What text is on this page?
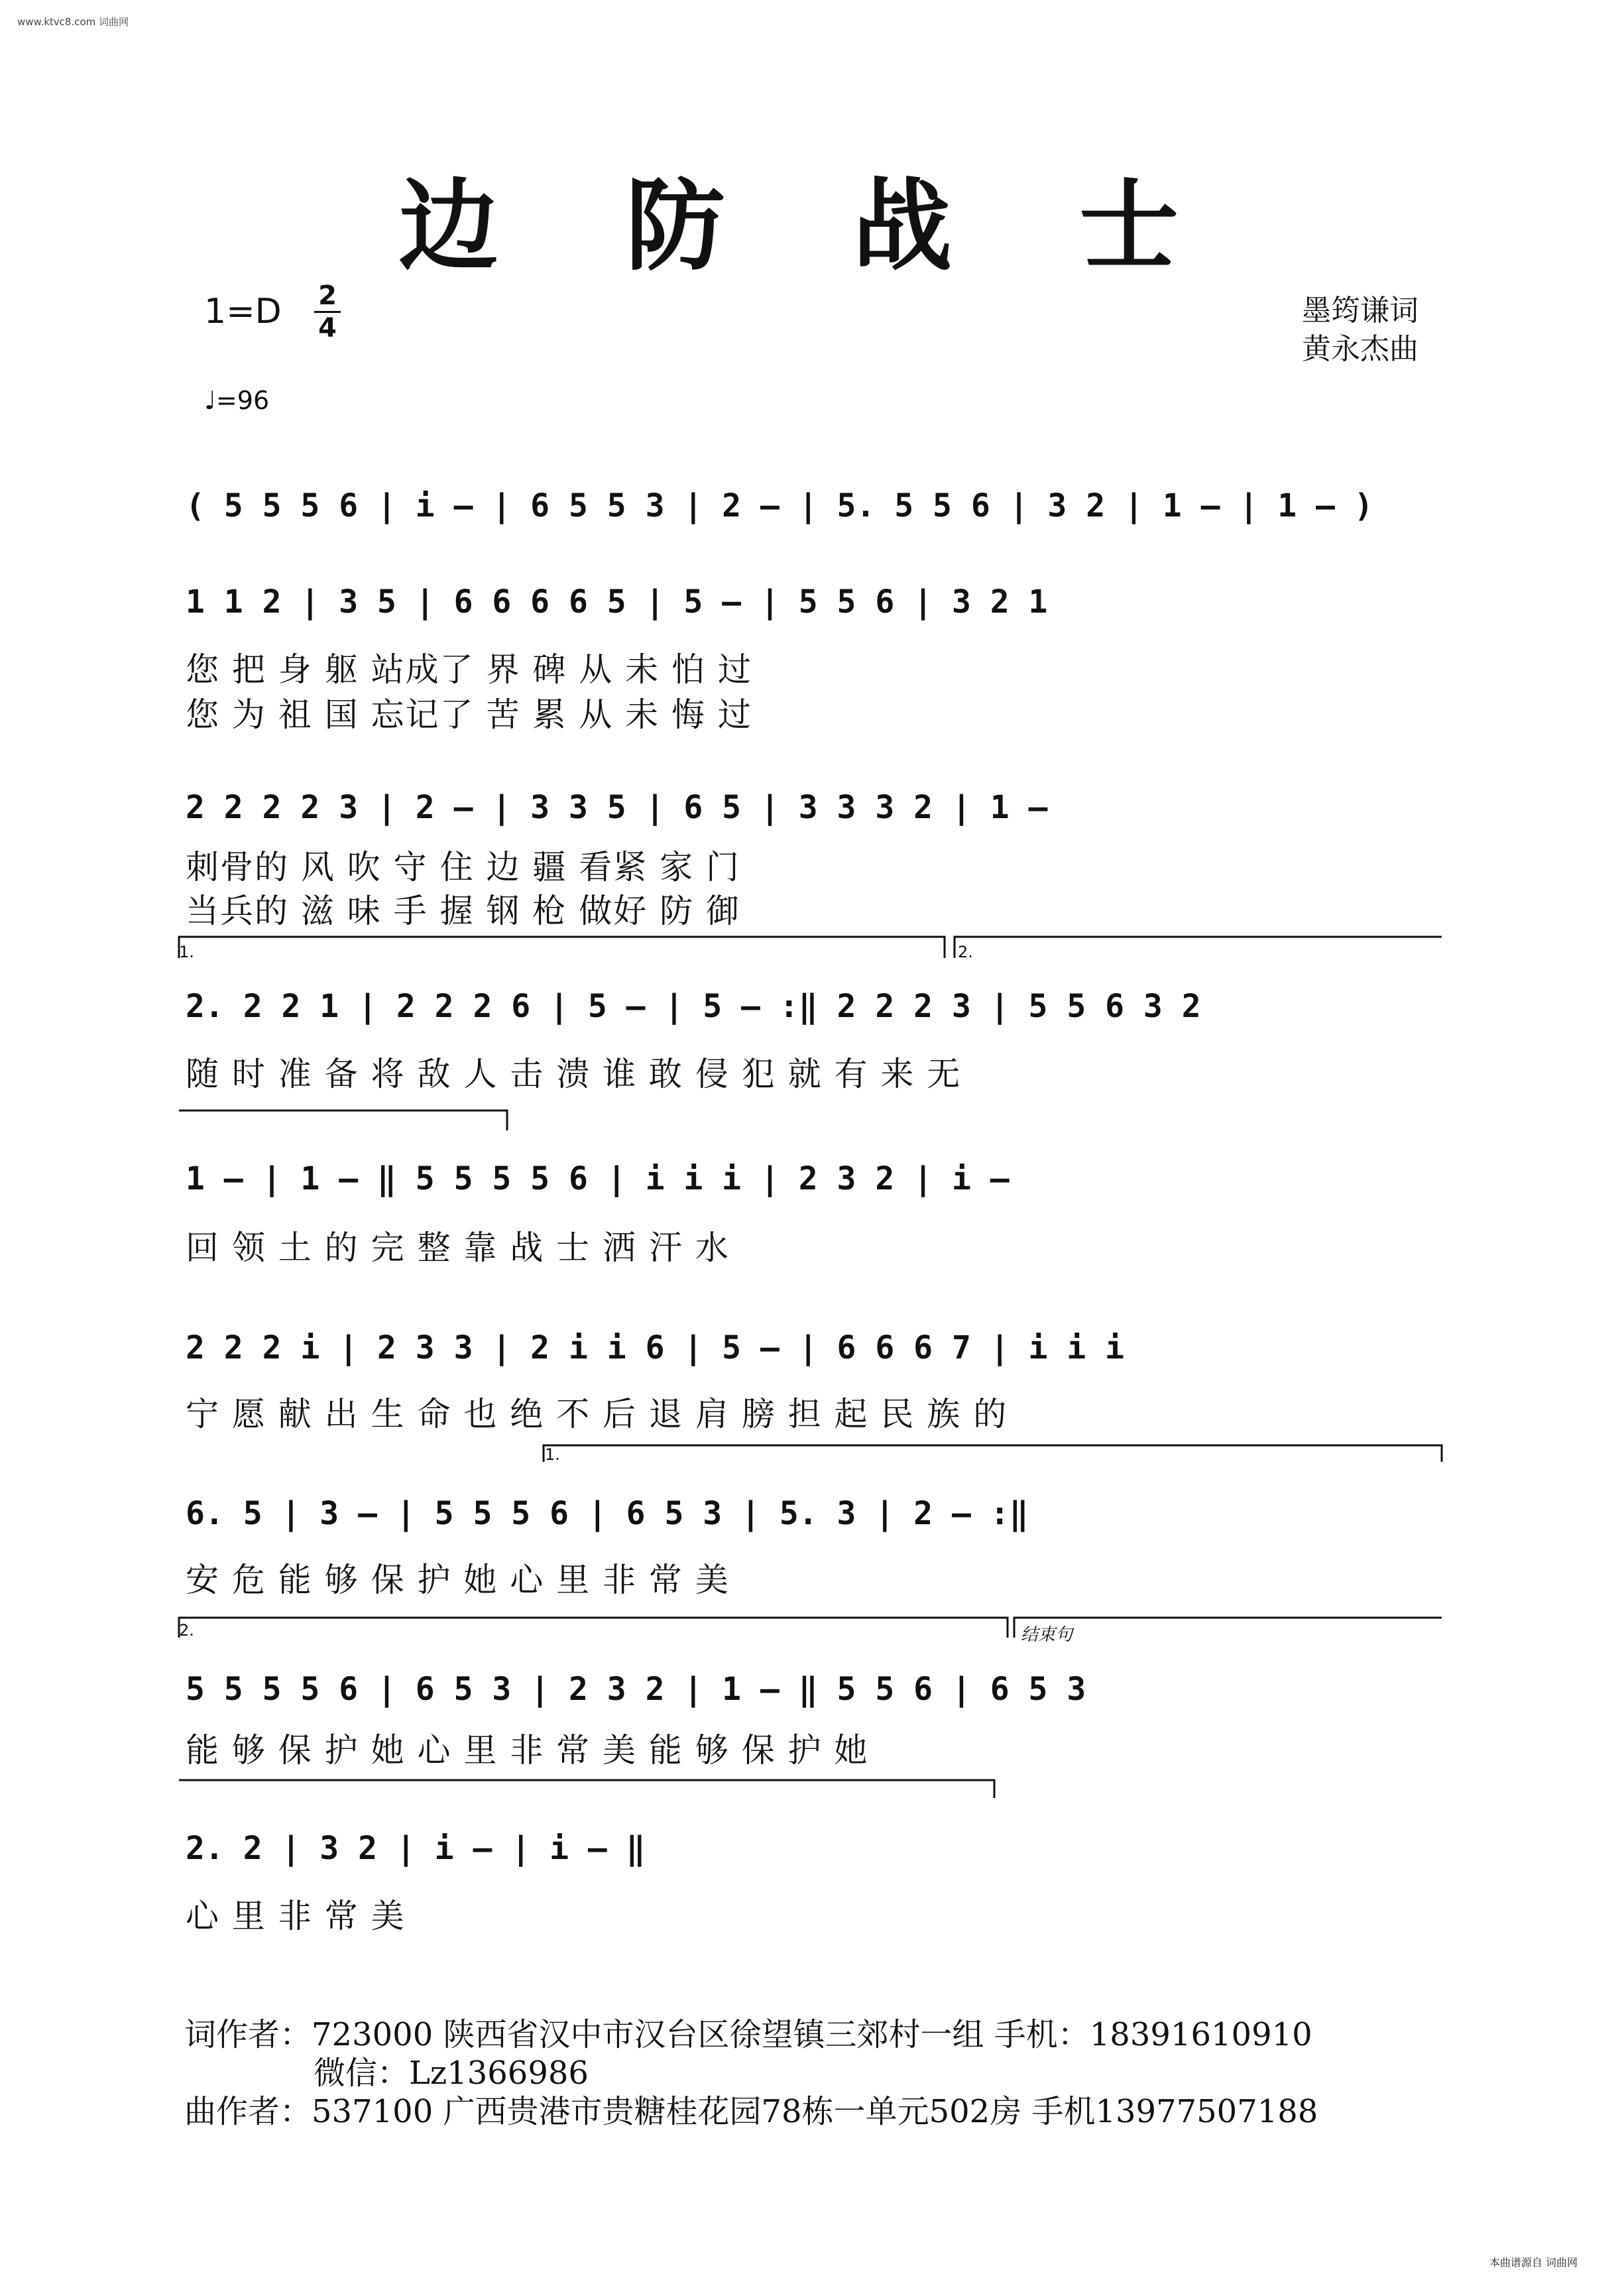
www.ktvc8.com 词曲网
边 防 战 士
1=D 2
4
♩=96
墨筠谦词
黄永杰曲
( 5 5 5 6 | i – | 6 5 5 3 | 2 – | 5. 5 5 6 | 3 2 | 1 – | 1 – )
1 1 2 | 3 5 | 6 6 6 6 5 | 5 – | 5 5 6 | 3 2 1
您 把 身 躯 站成了 界 碑 从 未 怕 过
您 为 祖 国 忘记了 苦 累 从 未 悔 过
2 2 2 2 3 | 2 – | 3 3 5 | 6 5 | 3 3 3 2 | 1 –
刺骨的 风 吹 守 住 边 疆 看紧 家 门
当兵的 滋 味 手 握 钢 枪 做好 防 御
1.	2.
2. 2 2 1 | 2 2 2 6 | 5 – | 5 – :‖ 2 2 2 3 | 5 5 6 3 2
随 时 准 备 将 敌 人 击 溃 谁 敢 侵 犯 就 有 来 无
1 – | 1 – ‖ 5 5 5 5 6 | i i i | 2 3 2 | i –
回 领 土 的 完 整 靠 战 士 洒 汗 水
2 2 2 i | 2 3 3 | 2 i i 6 | 5 – | 6 6 6 7 | i i i
宁 愿 献 出 生 命 也 绝 不 后 退 肩 膀 担 起 民 族 的
1.
6. 5 | 3 – | 5 5 5 6 | 6 5 3 | 5. 3 | 2 – :‖
安 危 能 够 保 护 她 心 里 非 常 美
2.	结束句
5 5 5 5 6 | 6 5 3 | 2 3 2 | 1 – ‖ 5 5 6 | 6 5 3
能 够 保 护 她 心 里 非 常 美 能 够 保 护 她
2. 2 | 3 2 | i – | i – ‖
心 里 非 常 美
词作者：723000 陕西省汉中市汉台区徐望镇三郊村一组 手机：18391610910
微信：Lz1366986
曲作者：537100 广西贵港市贵糖桂花园78栋一单元502房 手机13977507188
本曲谱源自 词曲网
